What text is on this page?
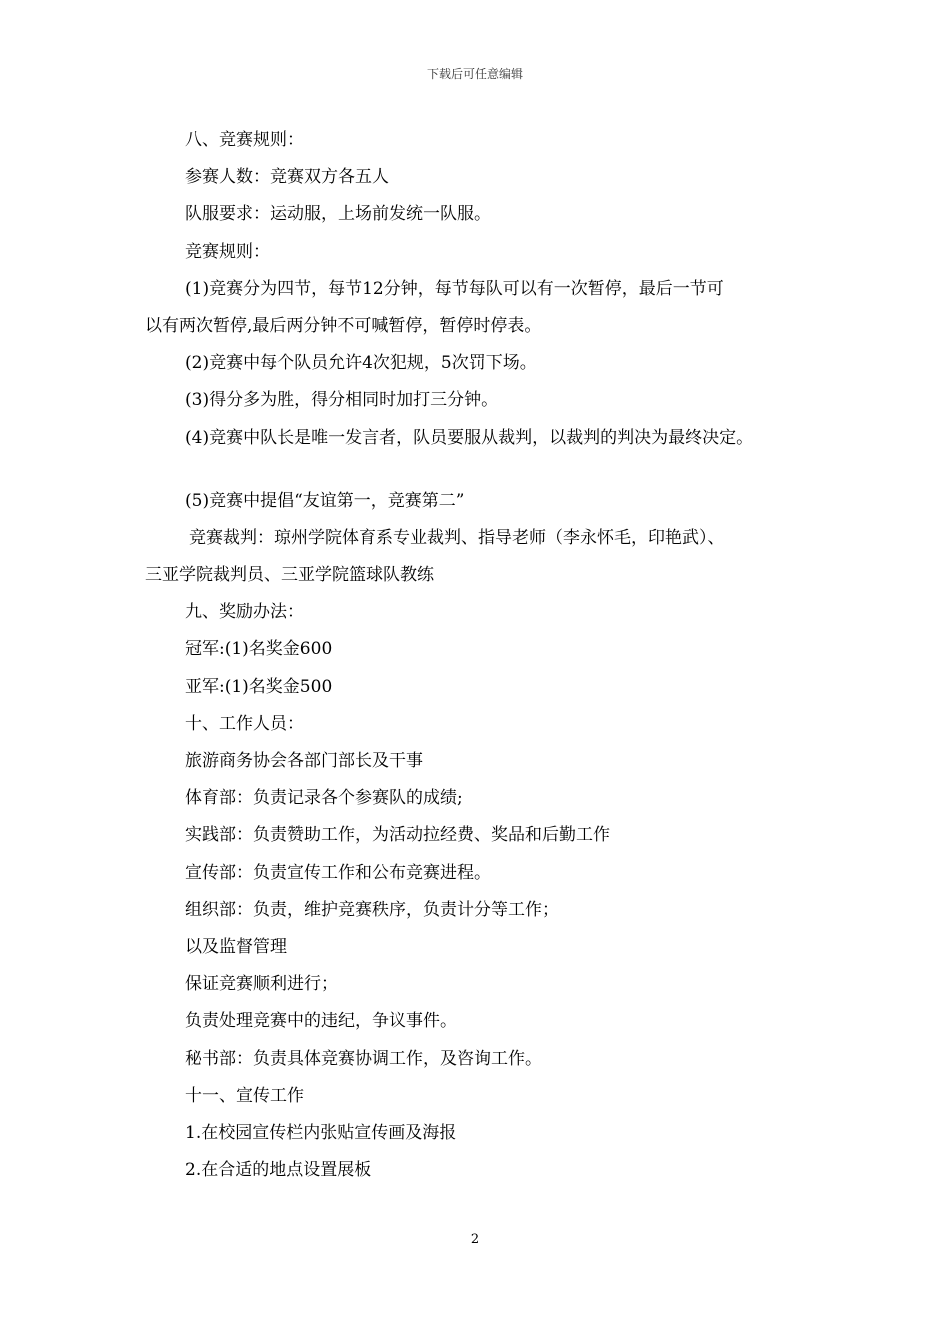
下载后可任意编辑
八、竞赛规则：
参赛人数：竞赛双方各五人
队服要求：运动服，上场前发统一队服。
竞赛规则：
(1)竞赛分为四节，每节12分钟，每节每队可以有一次暂停，最后一节可
以有两次暂停,最后两分钟不可喊暂停，暂停时停表。
(2)竞赛中每个队员允许4次犯规，5次罚下场。
(3)得分多为胜，得分相同时加打三分钟。
(4)竞赛中队长是唯一发言者，队员要服从裁判，以裁判的判决为最终决定。
(5)竞赛中提倡“友谊第一，竞赛第二”
竞赛裁判：琼州学院体育系专业裁判、指导老师（李永怀毛，印艳武）、
三亚学院裁判员、三亚学院篮球队教练
九、奖励办法：
冠军:(1)名奖金600
亚军:(1)名奖金500
十、工作人员：
旅游商务协会各部门部长及干事
体育部：负责记录各个参赛队的成绩;
实践部：负责赞助工作，为活动拉经费、奖品和后勤工作
宣传部：负责宣传工作和公布竞赛进程。
组织部：负责，维护竞赛秩序，负责计分等工作；
以及监督管理
保证竞赛顺利进行；
负责处理竞赛中的违纪，争议事件。
秘书部：负责具体竞赛协调工作，及咨询工作。
十一、宣传工作
1.在校园宣传栏内张贴宣传画及海报
2.在合适的地点设置展板
2
